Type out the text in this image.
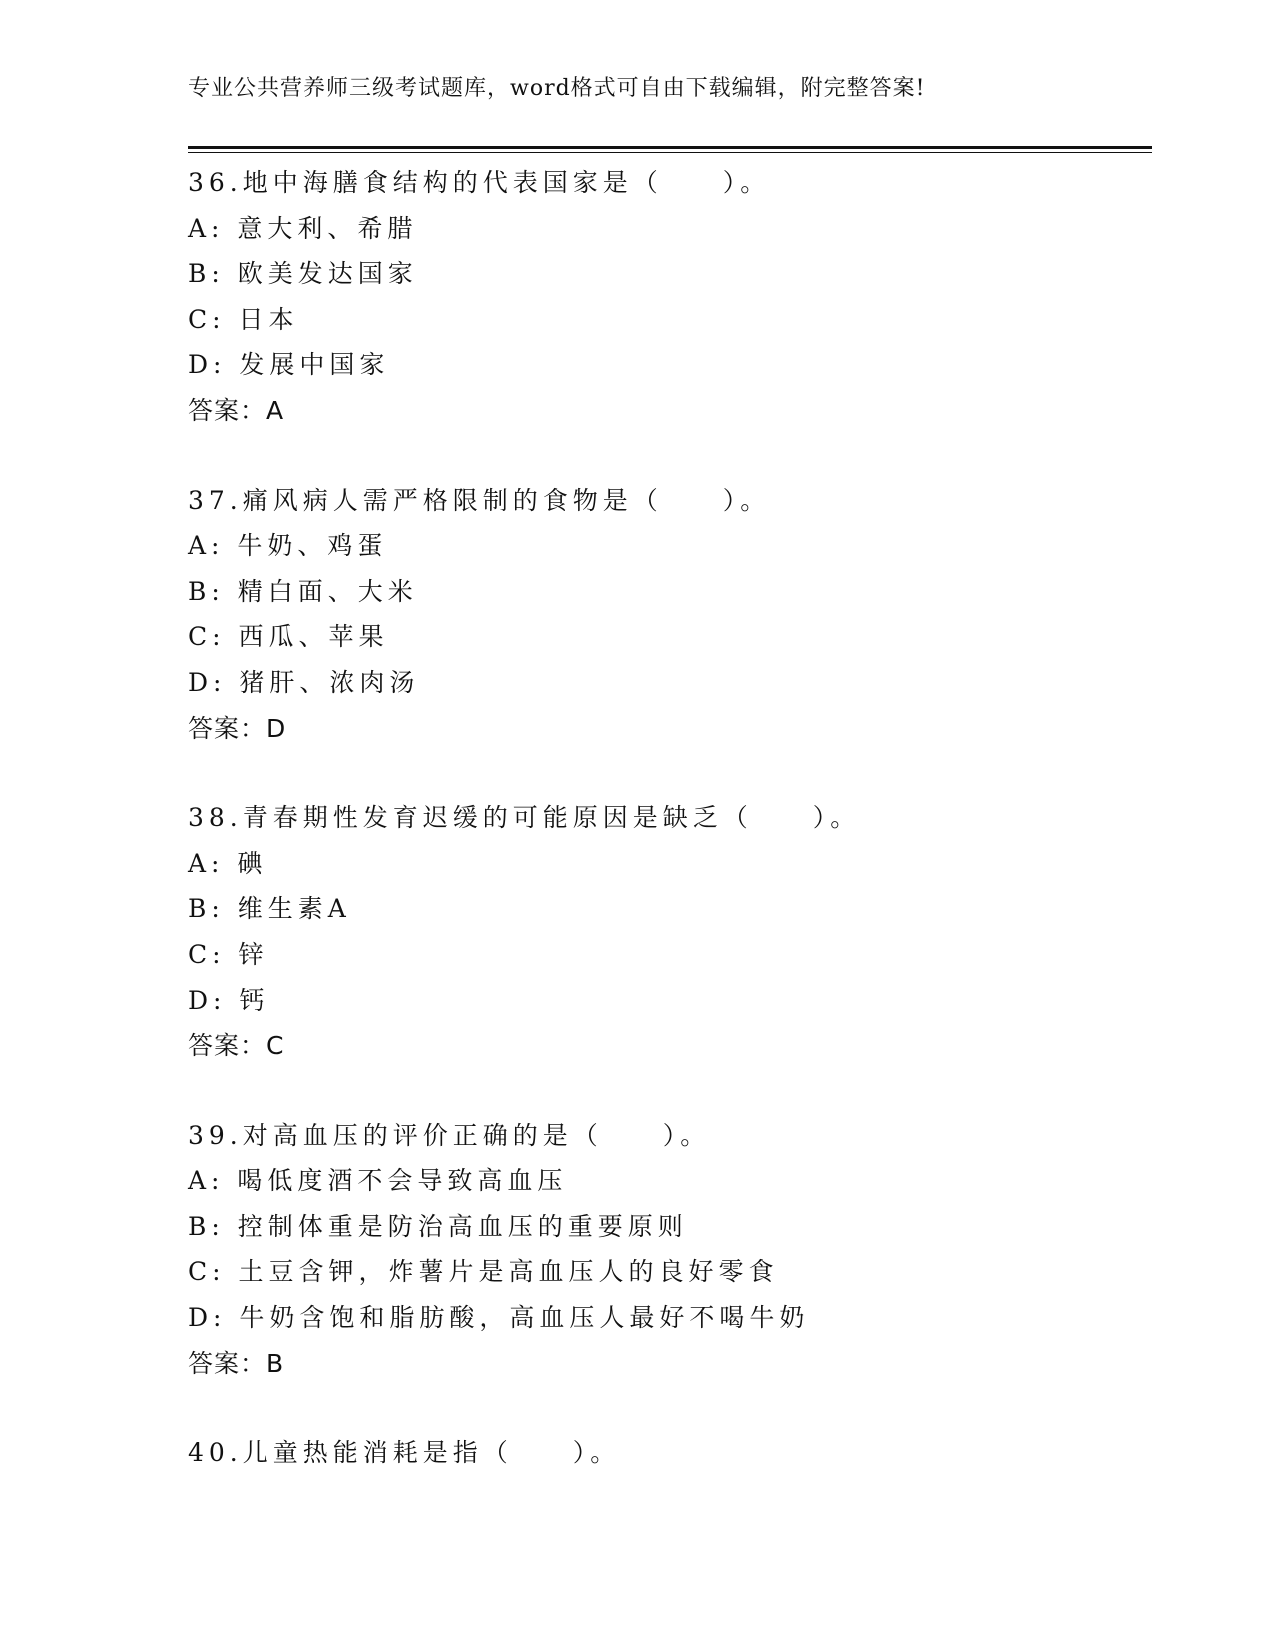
专业公共营养师三级考试题库，word格式可自由下载编辑，附完整答案!
36.地中海膳食结构的代表国家是（　　）。
A: 意大利、希腊
B: 欧美发达国家
C: 日本
D: 发展中国家
答案：A
37.痛风病人需严格限制的食物是（　　）。
A: 牛奶、鸡蛋
B: 精白面、大米
C: 西瓜、苹果
D: 猪肝、浓肉汤
答案：D
38.青春期性发育迟缓的可能原因是缺乏（　　）。
A: 碘
B: 维生素A
C: 锌
D: 钙
答案：C
39.对高血压的评价正确的是（　　）。
A: 喝低度酒不会导致高血压
B: 控制体重是防治高血压的重要原则
C: 土豆含钾，炸薯片是高血压人的良好零食
D: 牛奶含饱和脂肪酸，高血压人最好不喝牛奶
答案：B
40.儿童热能消耗是指（　　）。
